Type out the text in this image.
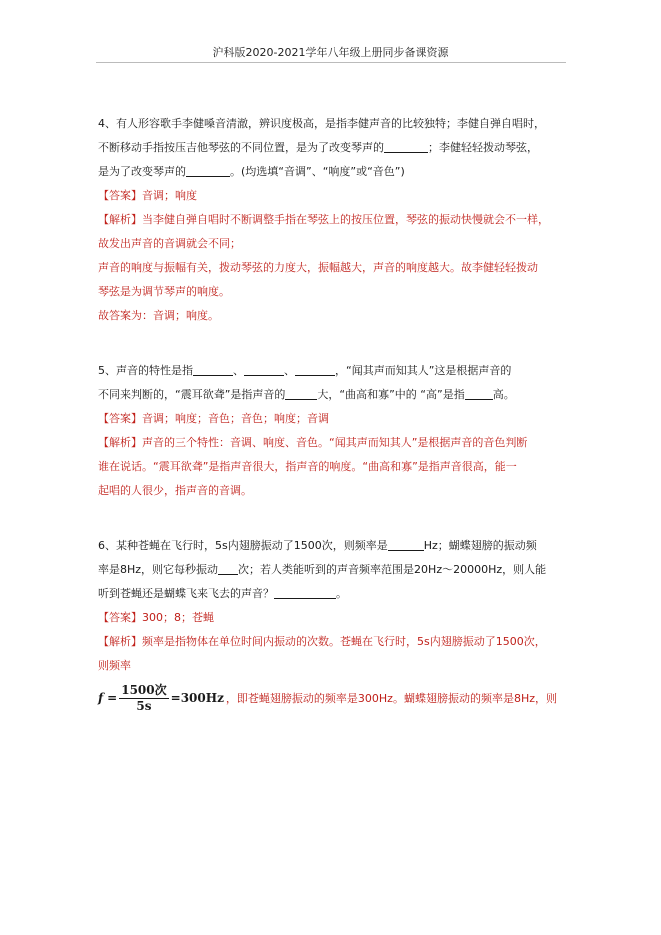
沪科版2020-2021学年八年级上册同步备课资源
4、有人形容歌手李健嗓音清澈，辨识度极高，是指李健声音的比较独特；李健自弹自唱时，
不断移动手指按压吉他琴弦的不同位置，是为了改变琴声的	；李健轻轻拨动琴弦，
是为了改变琴声的	。(均选填“音调”、“响度”或“音色”)
【答案】音调；响度
【解析】当李健自弹自唱时不断调整手指在琴弦上的按压位置，琴弦的振动快慢就会不一样，
故发出声音的音调就会不同；
声音的响度与振幅有关，拨动琴弦的力度大，振幅越大，声音的响度越大。故李健轻轻拨动
琴弦是为调节琴声的响度。
故答案为：音调；响度。
5、声音的特性是指	、	、	，“闻其声而知其人”这是根据声音的
不同来判断的，“震耳欲聋”是指声音的	大，“曲高和寡”中的 “高”是指	高。
【答案】音调；响度；音色；音色；响度；音调
【解析】声音的三个特性：音调、响度、音色。“闻其声而知其人”是根据声音的音色判断
谁在说话。“震耳欲聋”是指声音很大，指声音的响度。“曲高和寡”是指声音很高，能一
起唱的人很少，指声音的音调。
6、某种苍蝇在飞行时，5s内翅膀振动了1500次，则频率是	Hz；蝴蝶翅膀的振动频
率是8Hz，则它每秒振动 次；若人类能听到的声音频率范围是20Hz～20000Hz，则人能
听到苍蝇还是蝴蝶飞来飞去的声音？	。
【答案】300；8；苍蝇
【解析】频率是指物体在单位时间内振动的次数。苍蝇在飞行时，5s内翅膀振动了1500次，
则频率
$f = \frac{\text{1500次}}{5s} =300Hz$ ，即苍蝇翅膀振动的频率是300Hz。蝴蝶翅膀振动的频率是8Hz，则
